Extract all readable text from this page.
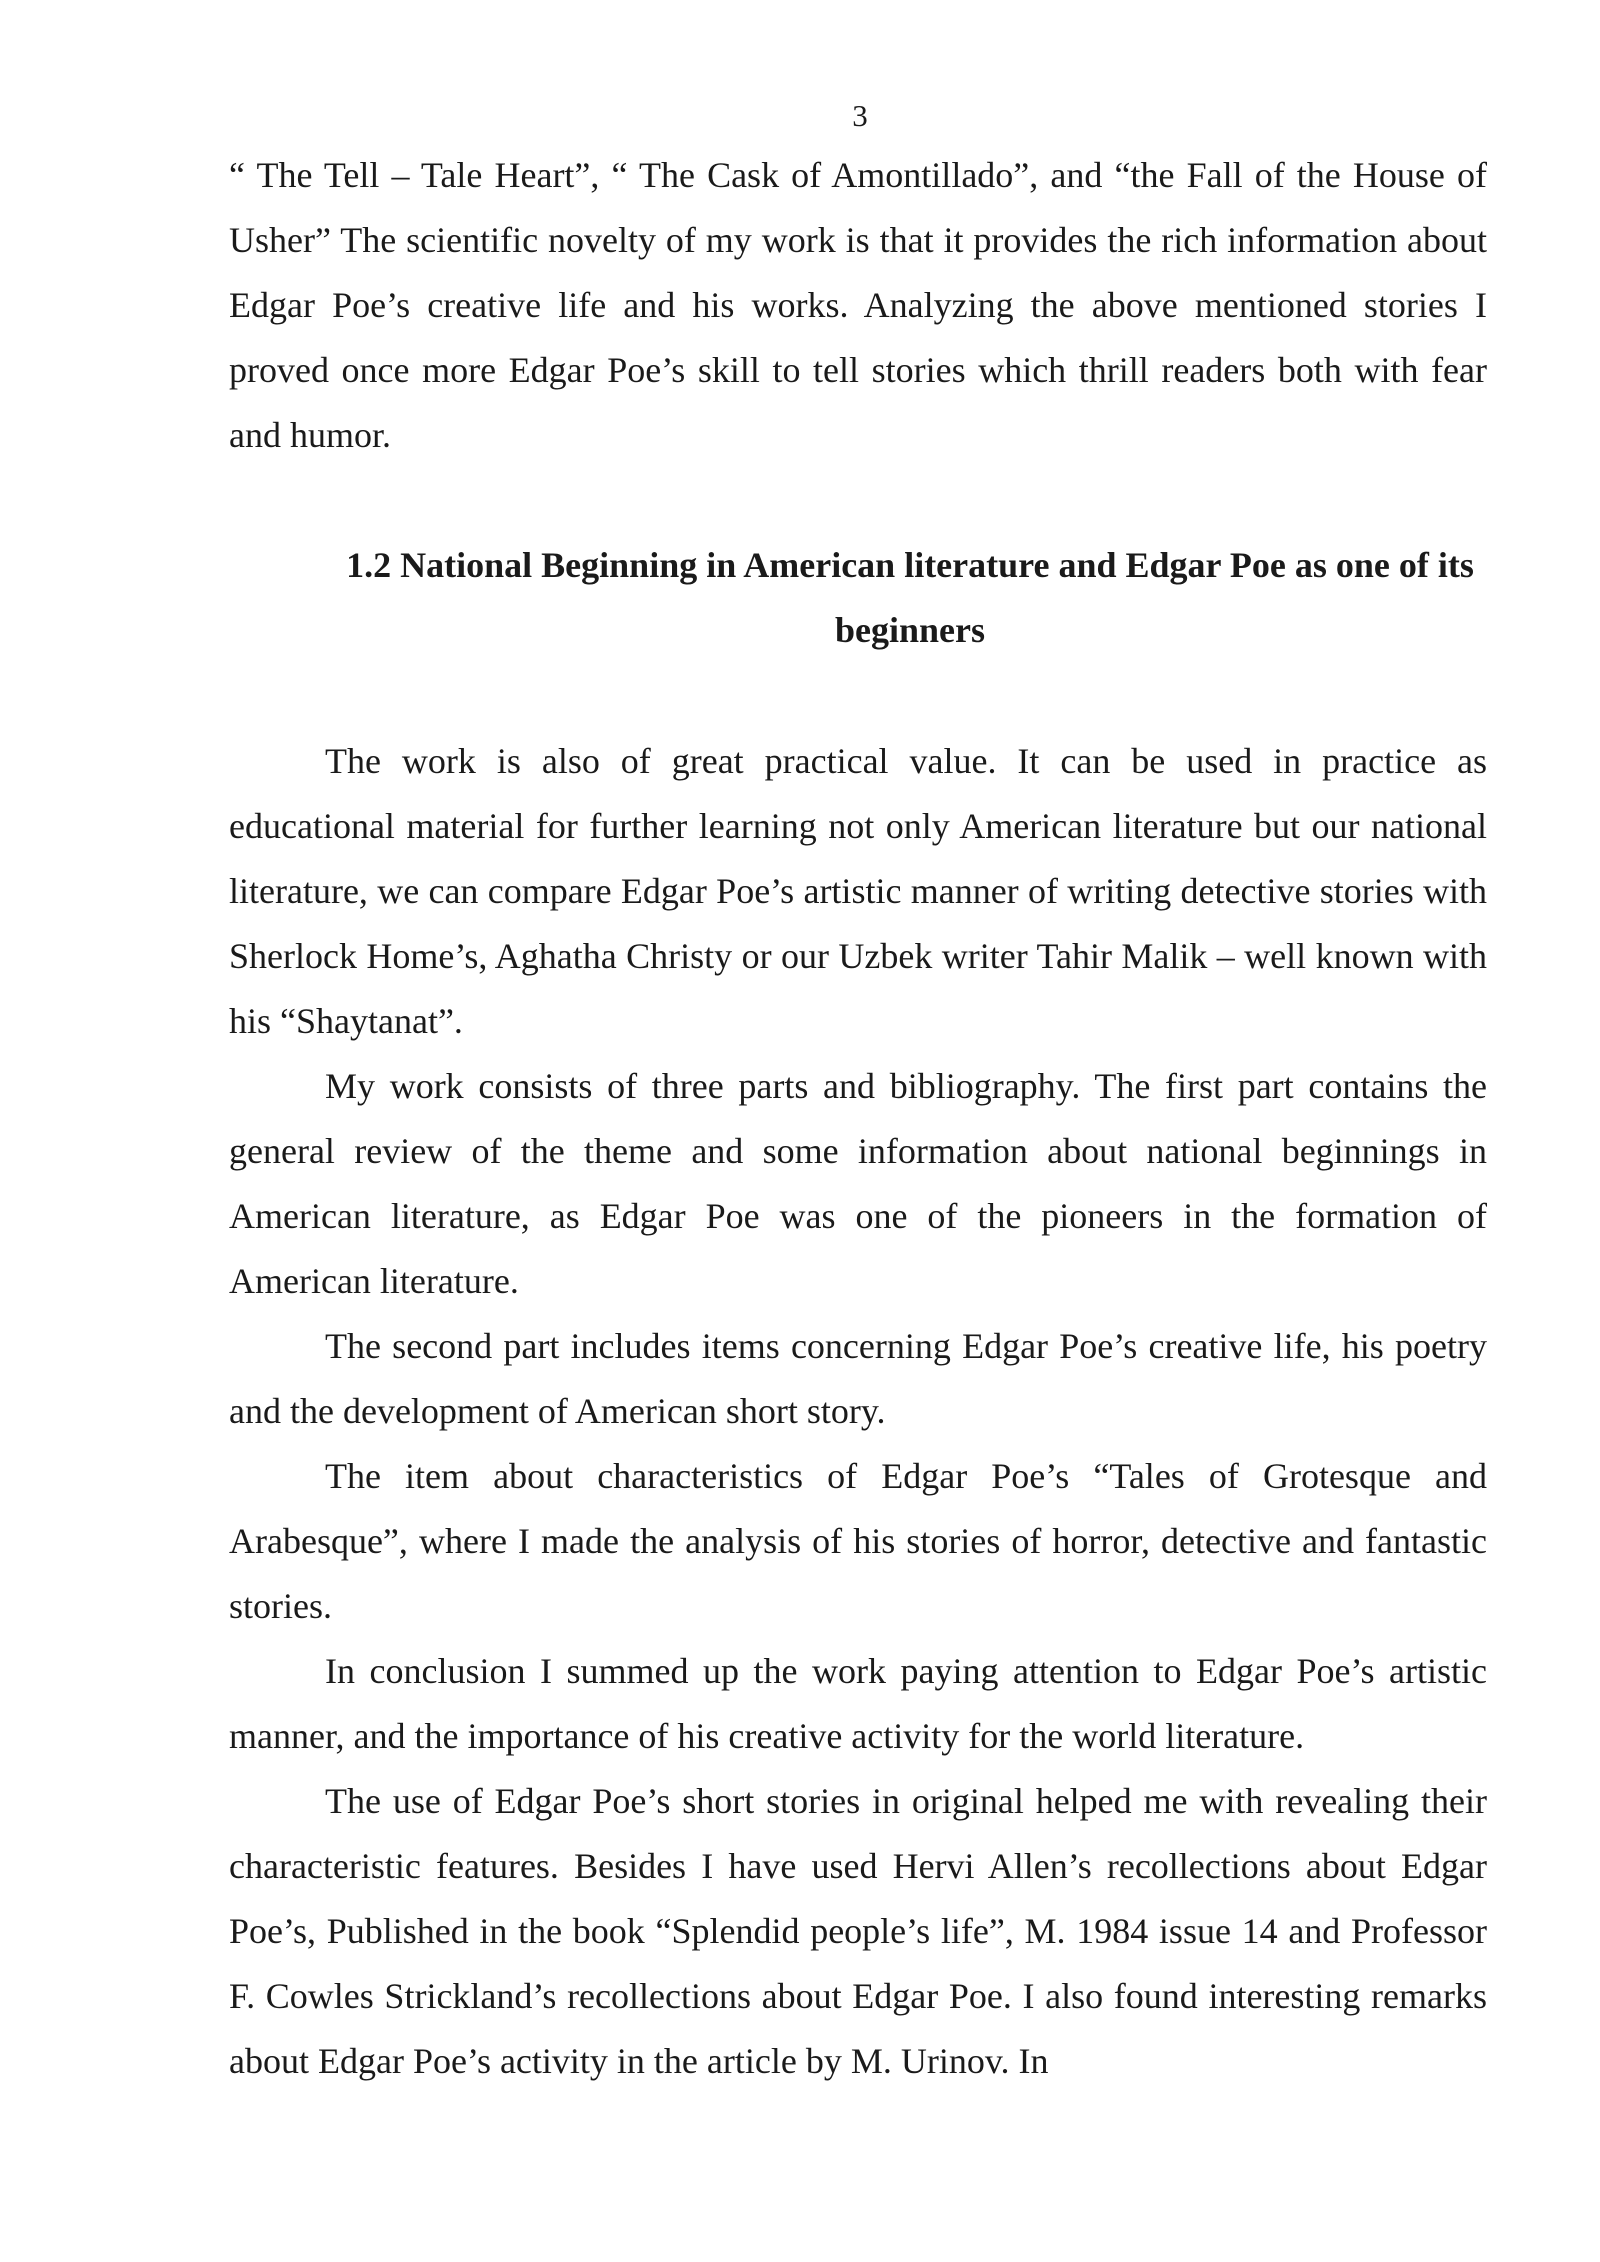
3

“ The Tell – Tale Heart”, “ The Cask of Amontillado”, and “the Fall of the House of Usher” The scientific novelty of my work is that it provides the rich information about Edgar Poe’s creative life and his works. Analyzing the above mentioned stories I proved once more Edgar Poe’s skill to tell stories which thrill readers both with fear and humor.

1.2 National Beginning in American literature and Edgar Poe as one of its beginners

The work is also of great practical value. It can be used in practice as educational material for further learning not only American literature but our national literature, we can compare Edgar Poe’s artistic manner of writing detective stories with Sherlock Home’s, Aghatha Christy or our Uzbek writer Tahir Malik – well known with his “Shaytanat”.

My work consists of three parts and bibliography. The first part contains the general review of the theme and some information about national beginnings in American literature, as Edgar Poe was one of the pioneers in the formation of American literature.

The second part includes items concerning Edgar Poe’s creative life, his poetry and the development of American short story.

The item about characteristics of Edgar Poe’s “Tales of Grotesque and Arabesque”, where I made the analysis of his stories of horror, detective and fantastic stories.

In conclusion I summed up the work paying attention to Edgar Poe’s artistic manner, and the importance of his creative activity for the world literature.

The use of Edgar Poe’s short stories in original helped me with revealing their characteristic features. Besides I have used Hervi Allen’s recollections about Edgar Poe’s, Published in the book “Splendid people’s life”, M. 1984 issue 14 and Professor F. Cowles Strickland’s recollections about Edgar Poe. I also found interesting remarks about Edgar Poe’s activity in the article by M. Urinov. In
